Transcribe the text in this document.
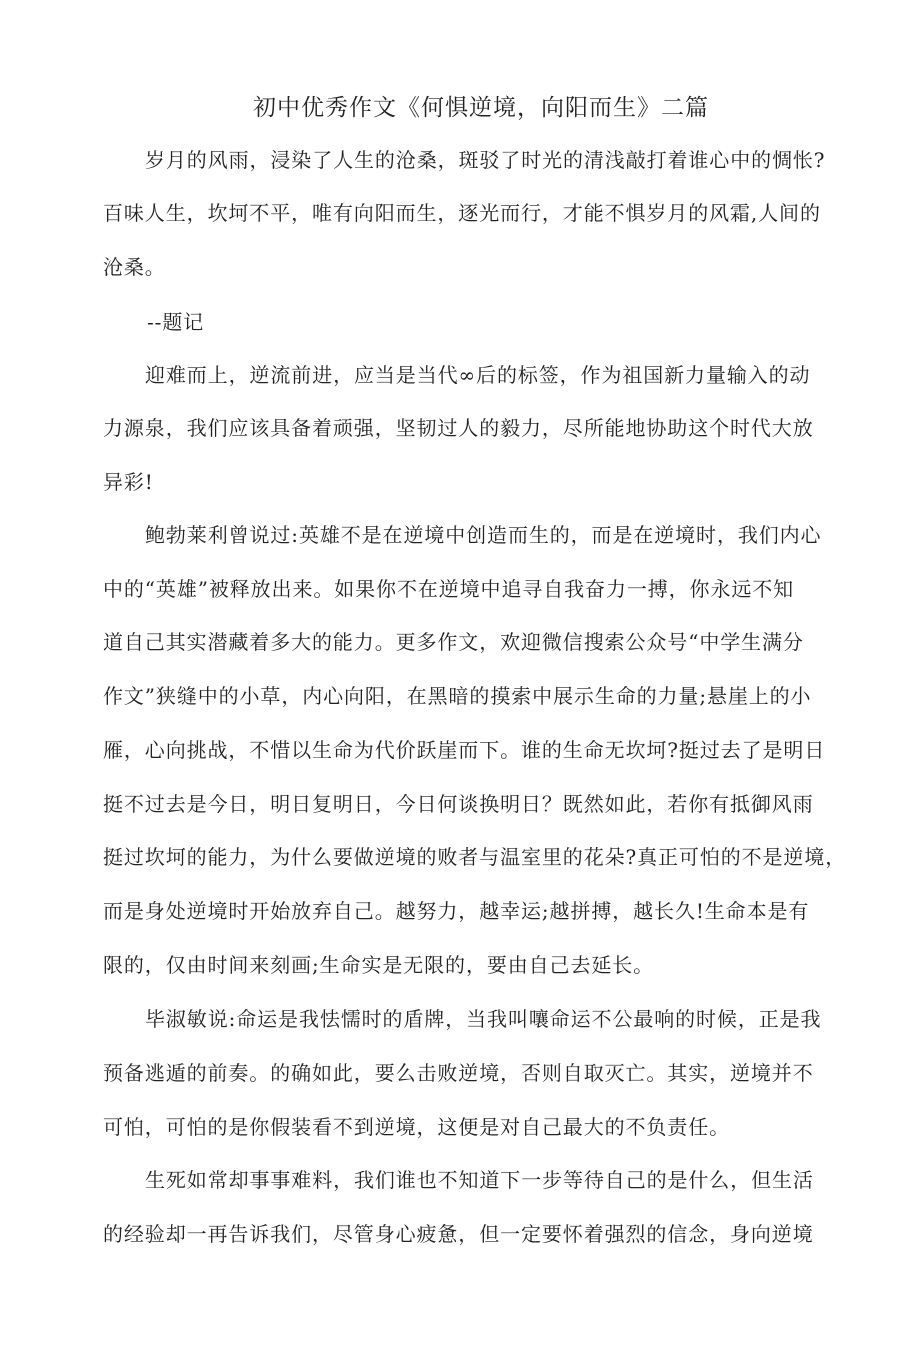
初中优秀作文《何惧逆境，向阳而生》二篇
岁月的风雨，浸染了人生的沧桑，斑驳了时光的清浅敲打着谁心中的惆怅?
百味人生，坎坷不平，唯有向阳而生，逐光而行，才能不惧岁月的风霜,人间的
沧桑。
--题记
迎难而上，逆流前进，应当是当代∞后的标签，作为祖国新力量输入的动
力源泉，我们应该具备着顽强，坚韧过人的毅力，尽所能地协助这个时代大放
异彩!
鲍勃莱利曾说过:英雄不是在逆境中创造而生的，而是在逆境时，我们内心
中的“英雄”被释放出来。如果你不在逆境中追寻自我奋力一搏，你永远不知
道自己其实潜藏着多大的能力。更多作文，欢迎微信搜索公众号“中学生满分
作文”狭缝中的小草，内心向阳，在黑暗的摸索中展示生命的力量;悬崖上的小
雁，心向挑战，不惜以生命为代价跃崖而下。谁的生命无坎坷?挺过去了是明日
挺不过去是今日，明日复明日，今日何谈换明日？既然如此，若你有抵御风雨
挺过坎坷的能力，为什么要做逆境的败者与温室里的花朵?真正可怕的不是逆境，
而是身处逆境时开始放弃自己。越努力，越幸运;越拼搏，越长久!生命本是有
限的，仅由时间来刻画;生命实是无限的，要由自己去延长。
毕淑敏说:命运是我怯懦时的盾牌，当我叫嚷命运不公最响的时候，正是我
预备逃遁的前奏。的确如此，要么击败逆境，否则自取灭亡。其实，逆境并不
可怕，可怕的是你假装看不到逆境，这便是对自己最大的不负责任。
生死如常却事事难料，我们谁也不知道下一步等待自己的是什么，但生活
的经验却一再告诉我们，尽管身心疲惫，但一定要怀着强烈的信念，身向逆境
